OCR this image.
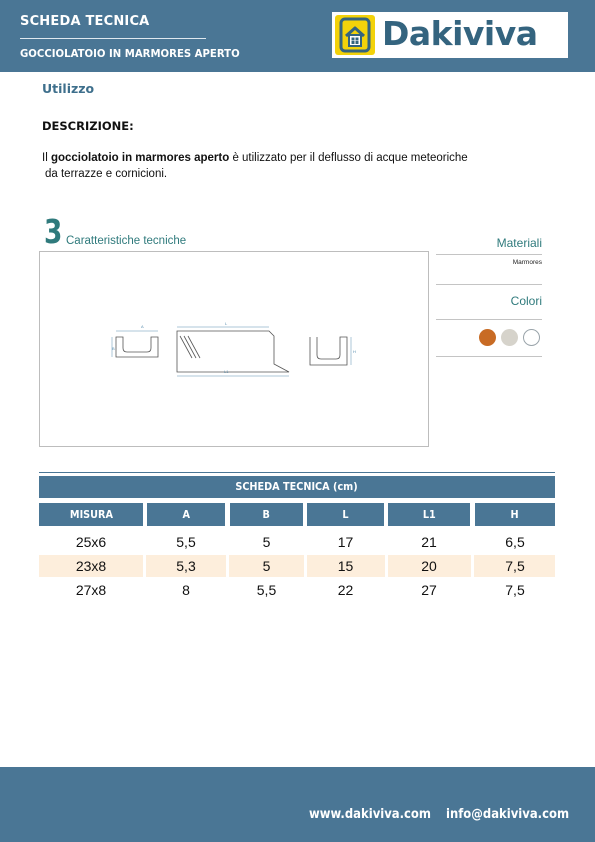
SCHEDA TECNICA
GOCCIOLATOIO IN MARMORES APERTO
Dakiviva
Utilizzo
DESCRIZIONE:
Il gocciolatoio in marmores aperto è utilizzato per il deflusso di acque meteoriche
da terrazze e cornicioni.
3 Caratteristiche tecniche
A
B
L
L1
H
Materiali
Marmores
Colori
SCHEDA TECNICA (cm)
MISURA	A	B	L	L1	H
25x6	5,5	5	17	21	6,5
23x8	5,3	5	15	20	7,5
27x8	8	5,5	22	27	7,5
www.dakiviva.com info@dakiviva.com
